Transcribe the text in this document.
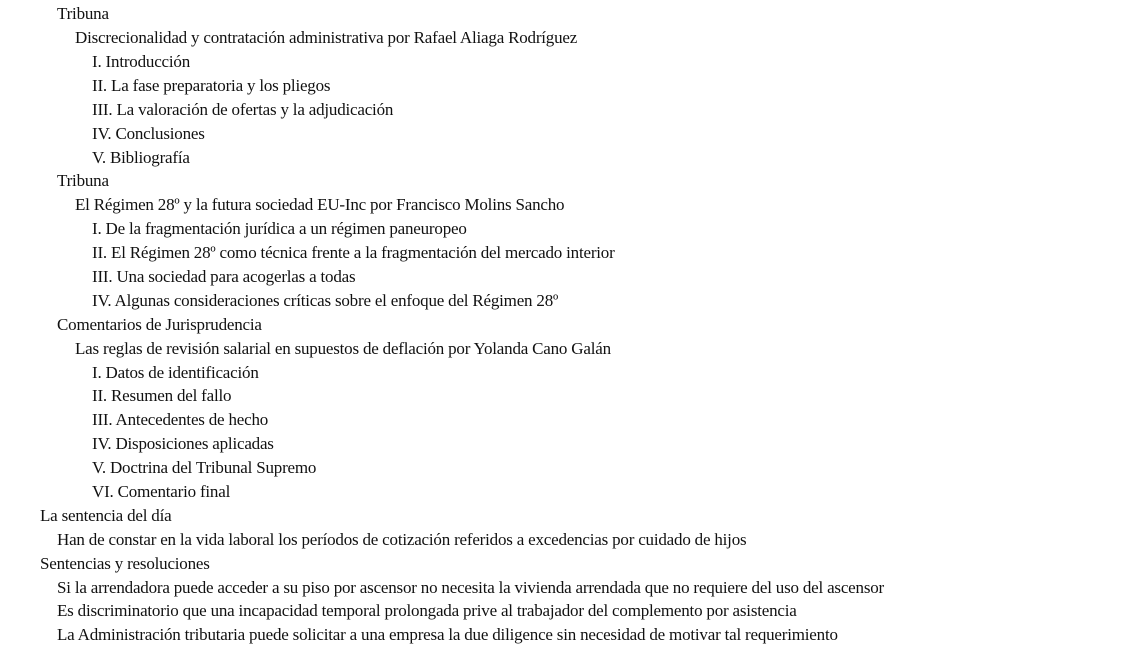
Tribuna
Discrecionalidad y contratación administrativa por Rafael Aliaga Rodríguez
I. Introducción
II. La fase preparatoria y los pliegos
III. La valoración de ofertas y la adjudicación
IV. Conclusiones
V. Bibliografía
Tribuna
El Régimen 28º y la futura sociedad EU-Inc por Francisco Molins Sancho
I. De la fragmentación jurídica a un régimen paneuropeo
II. El Régimen 28º como técnica frente a la fragmentación del mercado interior
III. Una sociedad para acogerlas a todas
IV. Algunas consideraciones críticas sobre el enfoque del Régimen 28º
Comentarios de Jurisprudencia
Las reglas de revisión salarial en supuestos de deflación por Yolanda Cano Galán
I. Datos de identificación
II. Resumen del fallo
III. Antecedentes de hecho
IV. Disposiciones aplicadas
V. Doctrina del Tribunal Supremo
VI. Comentario final
La sentencia del día
Han de constar en la vida laboral los períodos de cotización referidos a excedencias por cuidado de hijos
Sentencias y resoluciones
Si la arrendadora puede acceder a su piso por ascensor no necesita la vivienda arrendada que no requiere del uso del ascensor
Es discriminatorio que una incapacidad temporal prolongada prive al trabajador del complemento por asistencia
La Administración tributaria puede solicitar a una empresa la due diligence sin necesidad de motivar tal requerimiento
